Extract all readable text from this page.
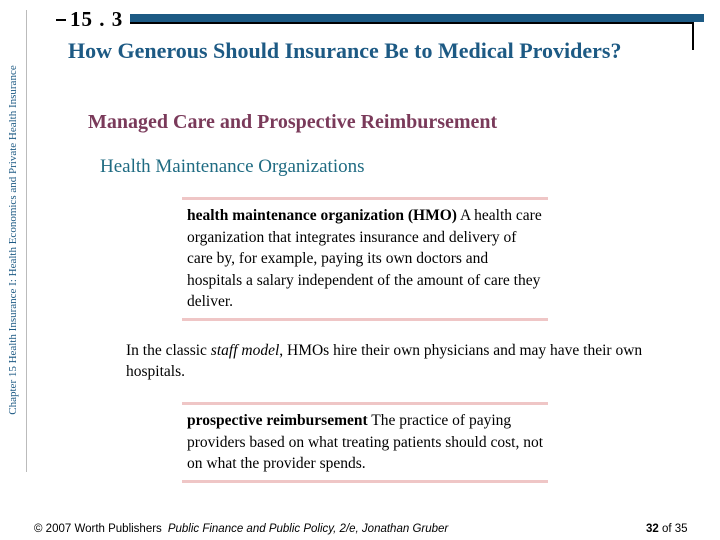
Chapter 15 Health Insurance I: Health Economics and Private Health Insurance
15 . 3
How Generous Should Insurance Be to Medical Providers?
Managed Care and Prospective Reimbursement
Health Maintenance Organizations

health maintenance organization (HMO) A health care organization that integrates insurance and delivery of care by, for example, paying its own doctors and hospitals a salary independent of the amount of care they deliver.

In the classic staff model, HMOs hire their own physicians and may have their own hospitals.

prospective reimbursement The practice of paying providers based on what treating patients should cost, not on what the provider spends.

© 2007 Worth Publishers Public Finance and Public Policy, 2/e, Jonathan Gruber	32 of 35
